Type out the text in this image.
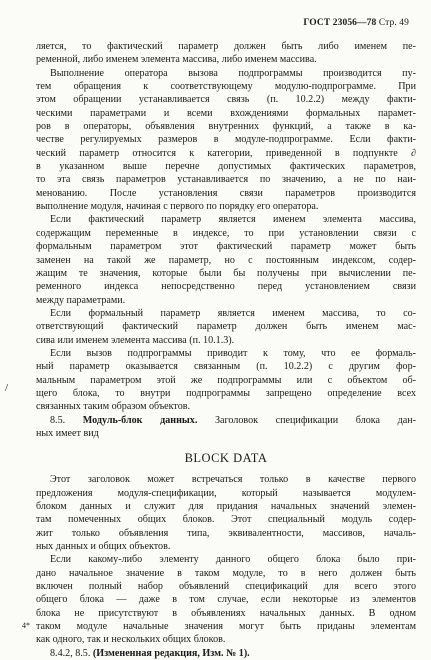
ГОСТ 23056—78 Стр. 49
/
ляется, то фактический параметр должен быть либо именем пе-
ременной, либо именем элемента массива, либо именем массива.
Выполнение оператора вызова подпрограммы производится пу-
тем обращения к соответствующему модулю-подпрограмме. При
этом обращении устанавливается связь (п. 10.2.2) между факти-
ческими параметрами и всеми вхождениями формальных парамет-
ров в операторы, объявления внутренних функций, а также в ка-
честве регулируемых размеров в модуле-подпрограмме. Если факти-
ческий параметр относится к категории, приведенной в подпункте ∂
в указанном выше перечне допустимых фактических параметров,
то эта связь параметров устанавливается по значению, а не по наи-
менованию. После установления связи параметров производится
выполнение модуля, начиная с первого по порядку его оператора.
Если фактический параметр является именем элемента массива,
содержащим переменные в индексе, то при установлении связи с
формальным параметром этот фактический параметр может быть
заменен на такой же параметр, но с постоянным индексом, содер-
жащим те значения, которые были бы получены при вычислении пе-
ременного индекса непосредственно перед установлением связи
между параметрами.
Если формальный параметр является именем массива, то со-
ответствующий фактический параметр должен быть именем мас-
сива или именем элемента массива (п. 10.1.3).
Если вызов подпрограммы приводит к тому, что ее формаль-
ный параметр оказывается связанным (п. 10.2.2) с другим фор-
мальным параметром этой же подпрограммы или с объектом об-
щего блока, то внутри подпрограммы запрещено определение всех
связанных таким образом объектов.
8.5. Модуль-блок данных. Заголовок спецификации блока дан-
ных имеет вид
BLOCK DATA
Этот заголовок может встречаться только в качестве первого
предложения модуля-спецификации, который называется модулем-
блоком данных и служит для придания начальных значений элемен-
там помеченных общих блоков. Этот специальный модуль содер-
жит только объявления типа, эквивалентности, массивов, началь-
ных данных и общих объектов.
Если какому-либо элементу данного общего блока было при-
дано начальное значение в таком модуле, то в него должен быть
включен полный набор объявлений спецификаций для всего этого
общего блока — даже в том случае, если некоторые из элементов
блока не присутствуют в объявлениях начальных данных. В одном
таком модуле начальные значения могут быть приданы элементам
как одного, так и нескольких общих блоков.
8.4.2, 8.5. (Измененная редакция, Изм. № 1).
4*
